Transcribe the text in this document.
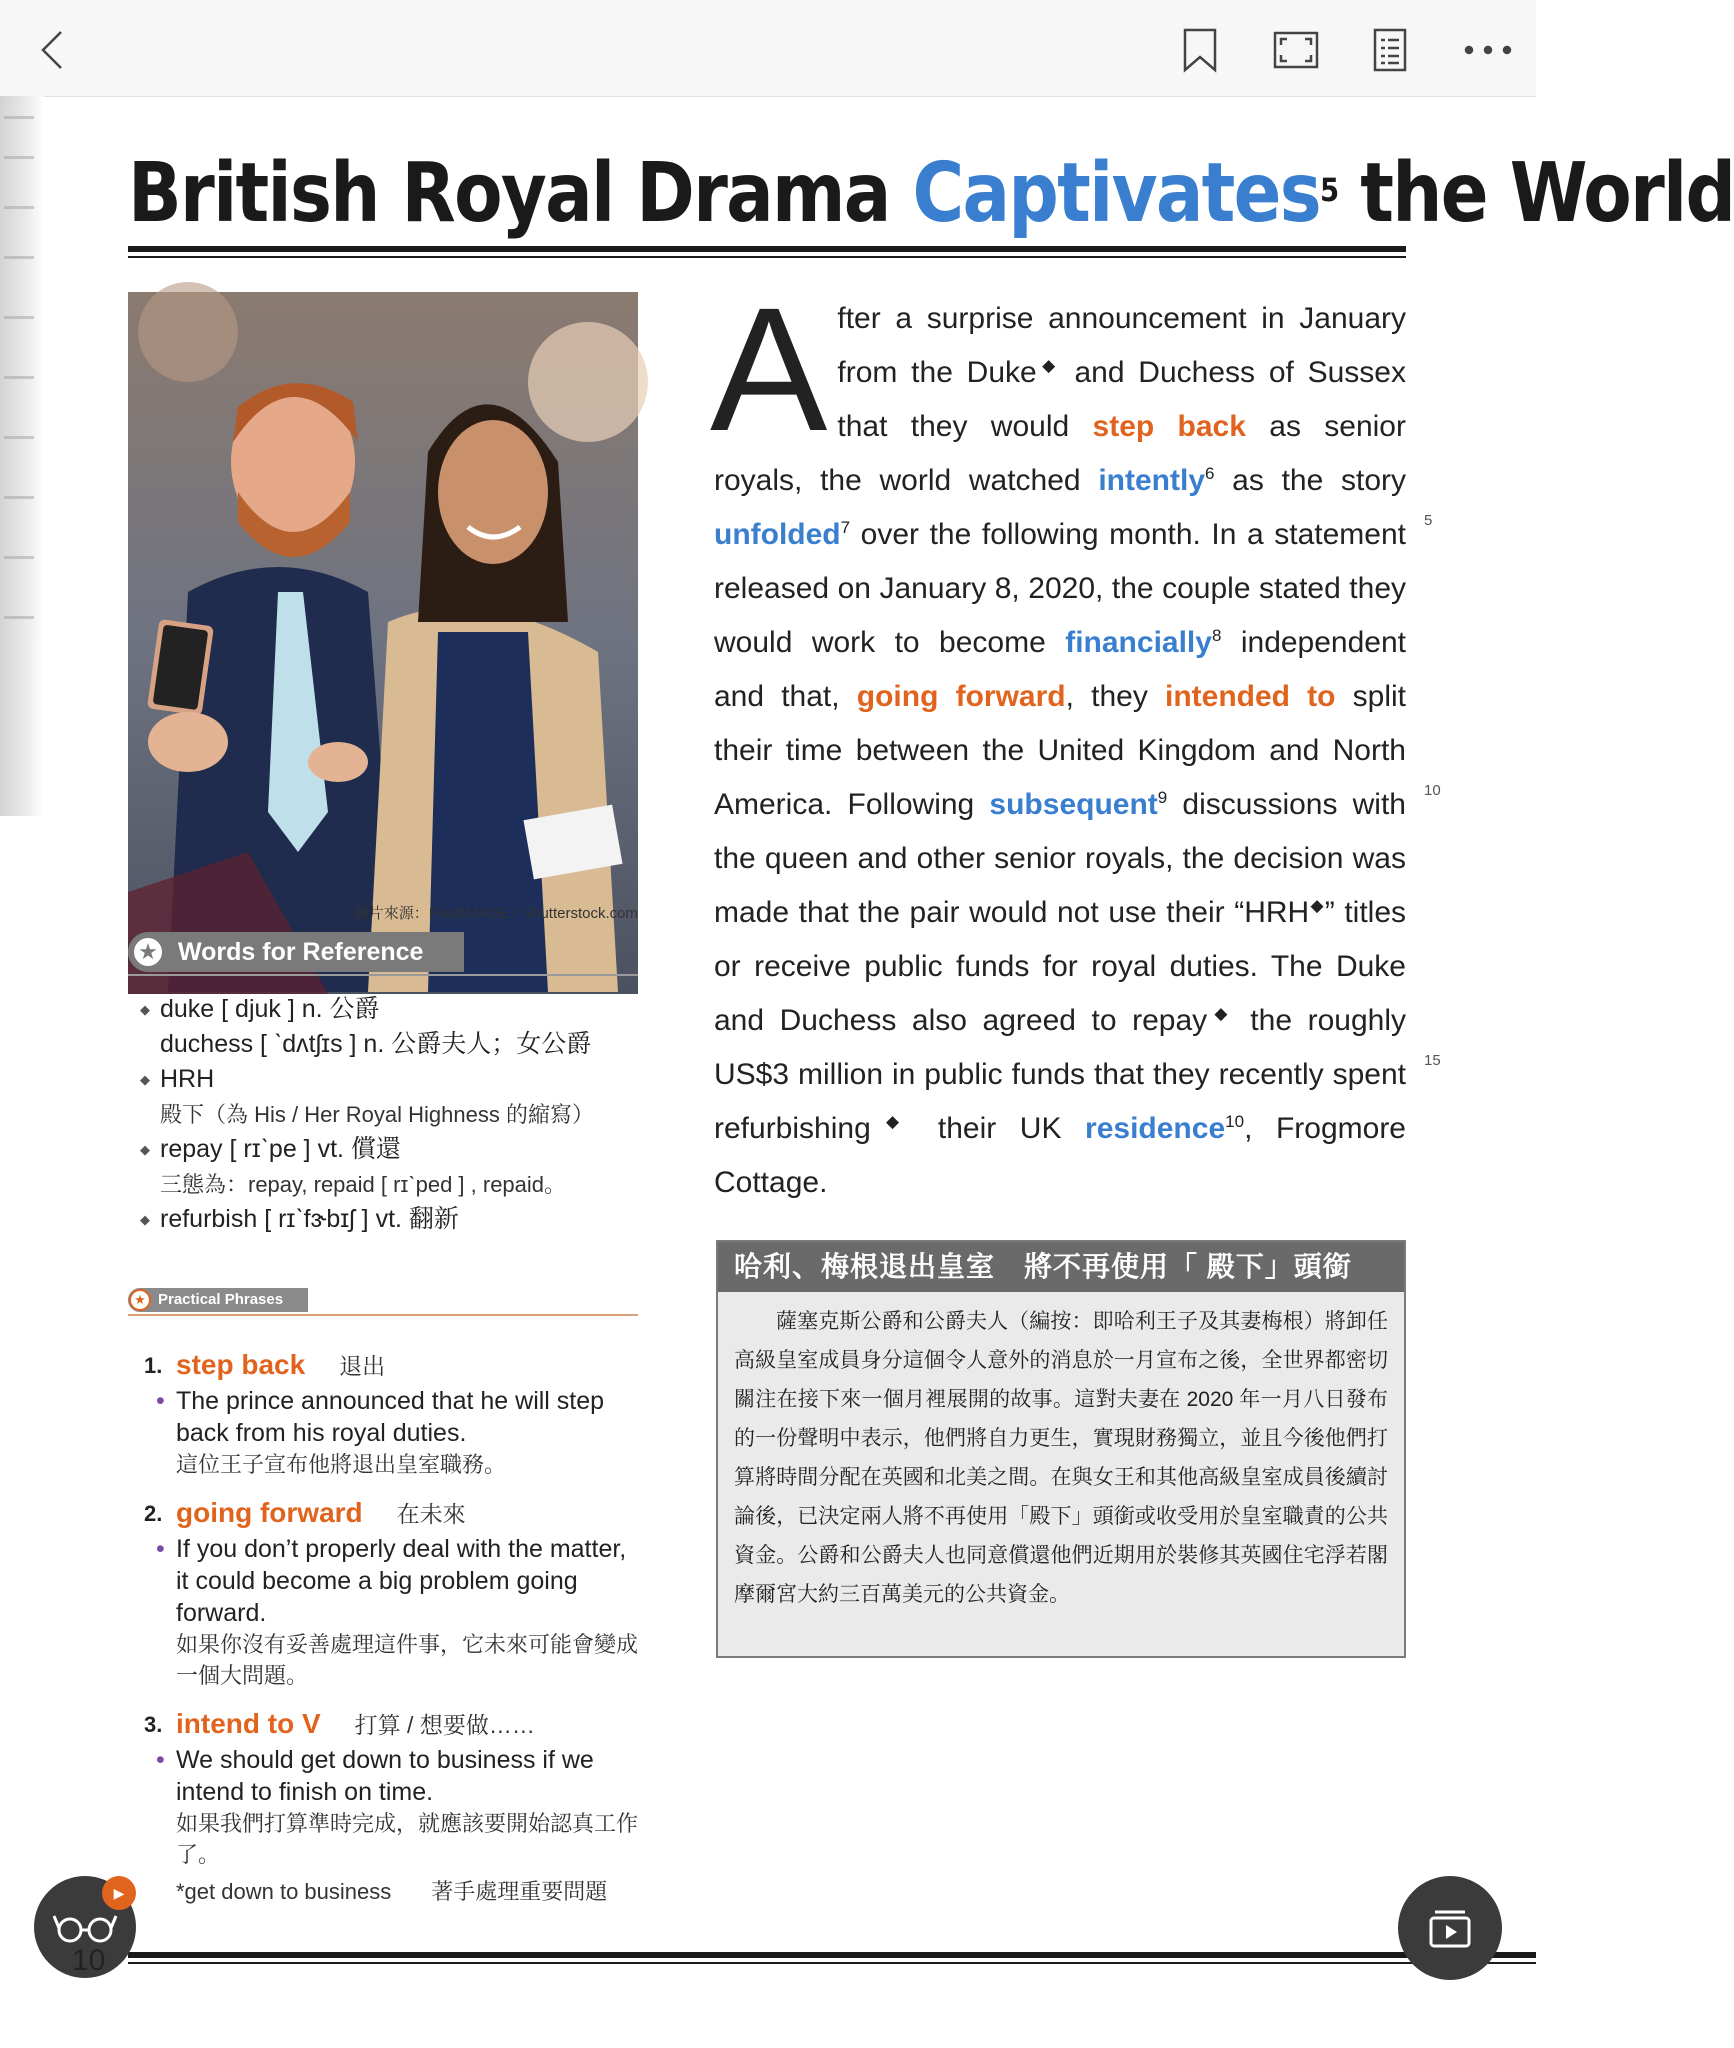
British Royal Drama Captivates$^5$ the World
圖片來源：FiledIMAGE / Shutterstock.com
Words for Reference
★
◆ duke [ djuk ] n. 公爵
duchess [ ˋdʌtʃɪs ] n. 公爵夫人；女公爵
◆ HRH
殿下（為 His / Her Royal Highness 的縮寫）
◆ repay [ rɪˋpe ] vt. 償還
三態為：repay, repaid [ rɪˋped ] , repaid。
◆ refurbish [ rɪˋfɝbɪʃ ] vt. 翻新
Practical Phrases
★
1. step back 退出
• The prince announced that he will step back from his royal duties.
這位王子宣布他將退出皇室職務。
2. going forward 在未來
• If you don’t properly deal with the matter, it could become a big problem going forward.
如果你沒有妥善處理這件事，它未來可能會變成一個大問題。
3. intend to V 打算 / 想要做……
• We should get down to business if we intend to finish on time.
如果我們打算準時完成，就應該要開始認真工作了。
*get down to business 著手處理重要問題
After a surprise announcement in January from the Duke◆ and Duchess of Sussex that they would step back as senior royals, the world watched intently$^6$ as the story unfolded$^7$ over the following month. In a statement released on January 8, 2020, the couple stated they would work to become financially$^8$ independent and that, going forward, they intended to split their time between the United Kingdom and North America. Following subsequent$^9$ discussions with the queen and other senior royals, the decision was made that the pair would not use their “HRH◆” titles or receive public funds for royal duties. The Duke and Duchess also agreed to repay◆ the roughly US$3 million in public funds that they recently spent refurbishing◆ their UK residence$^{10}$, Frogmore Cottage.
5
10
15
哈利、梅根退出皇室　將不再使用「 殿下」頭銜
薩塞克斯公爵和公爵夫人（編按：即哈利王子及其妻梅根）將卸任高級皇室成員身分這個令人意外的消息於一月宣布之後，全世界都密切關注在接下來一個月裡展開的故事。這對夫妻在 2020 年一月八日發布的一份聲明中表示，他們將自力更生，實現財務獨立，並且今後他們打算將時間分配在英國和北美之間。在與女王和其他高級皇室成員後續討論後，已決定兩人將不再使用「殿下」頭銜或收受用於皇室職責的公共資金。公爵和公爵夫人也同意償還他們近期用於裝修其英國住宅浮若閣摩爾宮大約三百萬美元的公共資金。
▶
10
